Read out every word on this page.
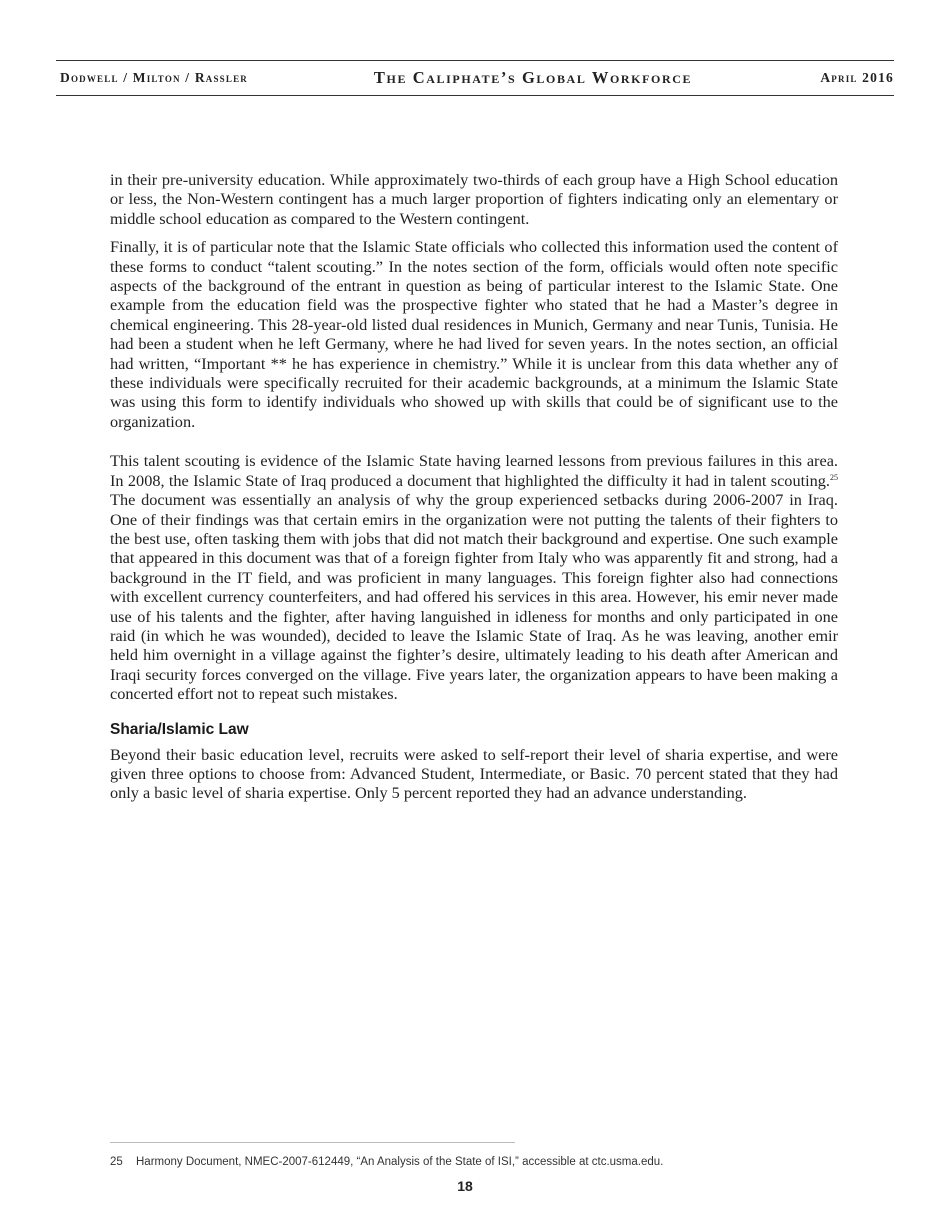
Dodwell / Milton / Rassler	The Caliphate’s Global Workforce	April 2016

in their pre-university education. While approximately two-thirds of each group have a High School education or less, the Non-Western contingent has a much larger proportion of fighters indicating only an elementary or middle school education as compared to the Western contingent.

Finally, it is of particular note that the Islamic State officials who collected this information used the content of these forms to conduct “talent scouting.” In the notes section of the form, officials would often note specific aspects of the background of the entrant in question as being of particular interest to the Islamic State. One example from the education field was the prospective fighter who stated that he had a Master’s degree in chemical engineering. This 28-year-old listed dual residences in Munich, Germany and near Tunis, Tunisia. He had been a student when he left Germany, where he had lived for seven years. In the notes section, an official had written, “Important ** he has experience in chemistry.” While it is unclear from this data whether any of these individuals were specifically recruited for their academic backgrounds, at a minimum the Islamic State was using this form to identify individuals who showed up with skills that could be of significant use to the organization.

This talent scouting is evidence of the Islamic State having learned lessons from previous failures in this area. In 2008, the Islamic State of Iraq produced a document that highlighted the difficulty it had in talent scouting.$^{25}$ The document was essentially an analysis of why the group experienced setbacks during 2006-2007 in Iraq. One of their findings was that certain emirs in the organization were not putting the talents of their fighters to the best use, often tasking them with jobs that did not match their background and expertise. One such example that appeared in this document was that of a foreign fighter from Italy who was apparently fit and strong, had a background in the IT field, and was proficient in many languages. This foreign fighter also had connections with excellent currency counterfeiters, and had offered his services in this area. However, his emir never made use of his talents and the fighter, after having languished in idleness for months and only participated in one raid (in which he was wounded), decided to leave the Islamic State of Iraq. As he was leaving, another emir held him overnight in a village against the fighter’s desire, ultimately leading to his death after American and Iraqi security forces converged on the village. Five years later, the organization appears to have been making a concerted effort not to repeat such mistakes.

Sharia/Islamic Law

Beyond their basic education level, recruits were asked to self-report their level of sharia expertise, and were given three options to choose from: Advanced Student, Intermediate, or Basic. 70 percent stated that they had only a basic level of sharia expertise. Only 5 percent reported they had an advance understanding.

25 Harmony Document, NMEC-2007-612449, “An Analysis of the State of ISI,” accessible at ctc.usma.edu.
18
